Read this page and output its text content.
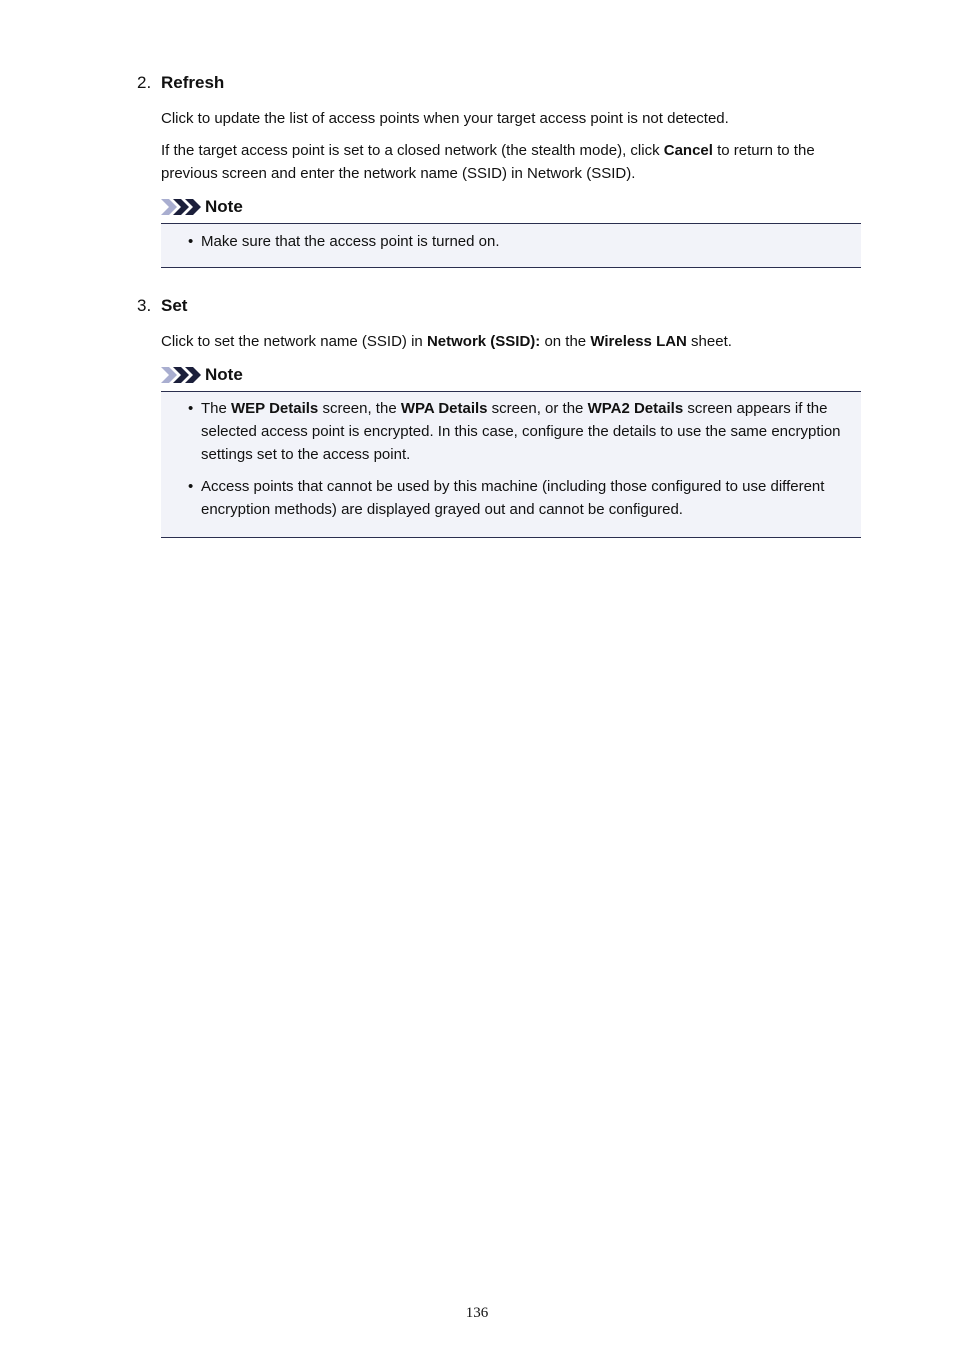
2. Refresh

Click to update the list of access points when your target access point is not detected.

If the target access point is set to a closed network (the stealth mode), click Cancel to return to the previous screen and enter the network name (SSID) in Network (SSID).

Note
• Make sure that the access point is turned on.
3. Set

Click to set the network name (SSID) in Network (SSID): on the Wireless LAN sheet.

Note
• The WEP Details screen, the WPA Details screen, or the WPA2 Details screen appears if the selected access point is encrypted. In this case, configure the details to use the same encryption settings set to the access point.
• Access points that cannot be used by this machine (including those configured to use different encryption methods) are displayed grayed out and cannot be configured.
136
